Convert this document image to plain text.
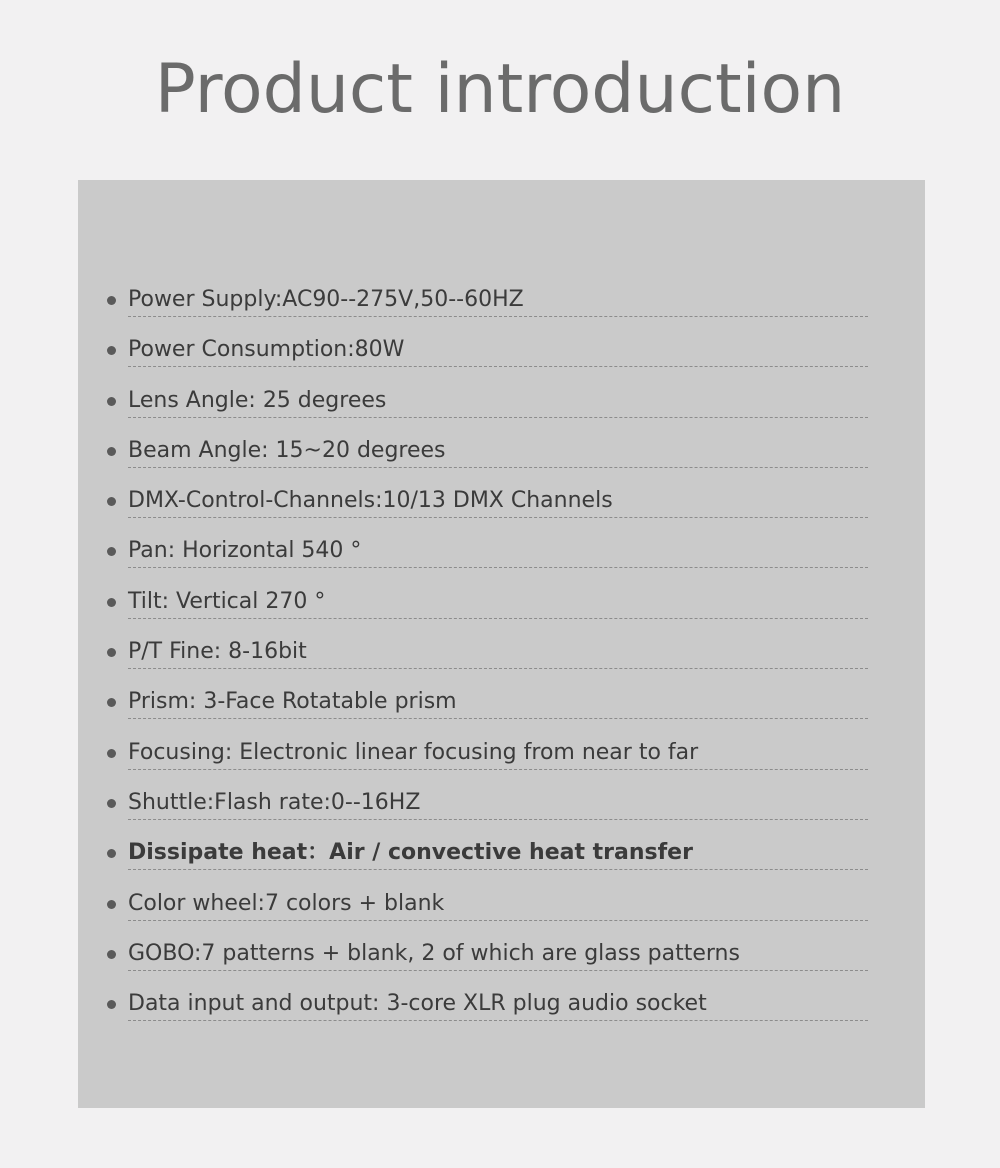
Product introduction
Power Supply:AC90--275V,50--60HZ
Power Consumption:80W
Lens Angle: 25 degrees
Beam Angle: 15~20 degrees
DMX-Control-Channels:10/13 DMX Channels
Pan: Horizontal 540 °
Tilt: Vertical 270 °
P/T Fine: 8-16bit
Prism: 3-Face Rotatable prism
Focusing: Electronic linear focusing from near to far
Shuttle:Flash rate:0--16HZ
Dissipate heat：Air / convective heat transfer
Color wheel:7 colors + blank
GOBO:7 patterns + blank, 2 of which are glass patterns
Data input and output: 3-core XLR plug audio socket
